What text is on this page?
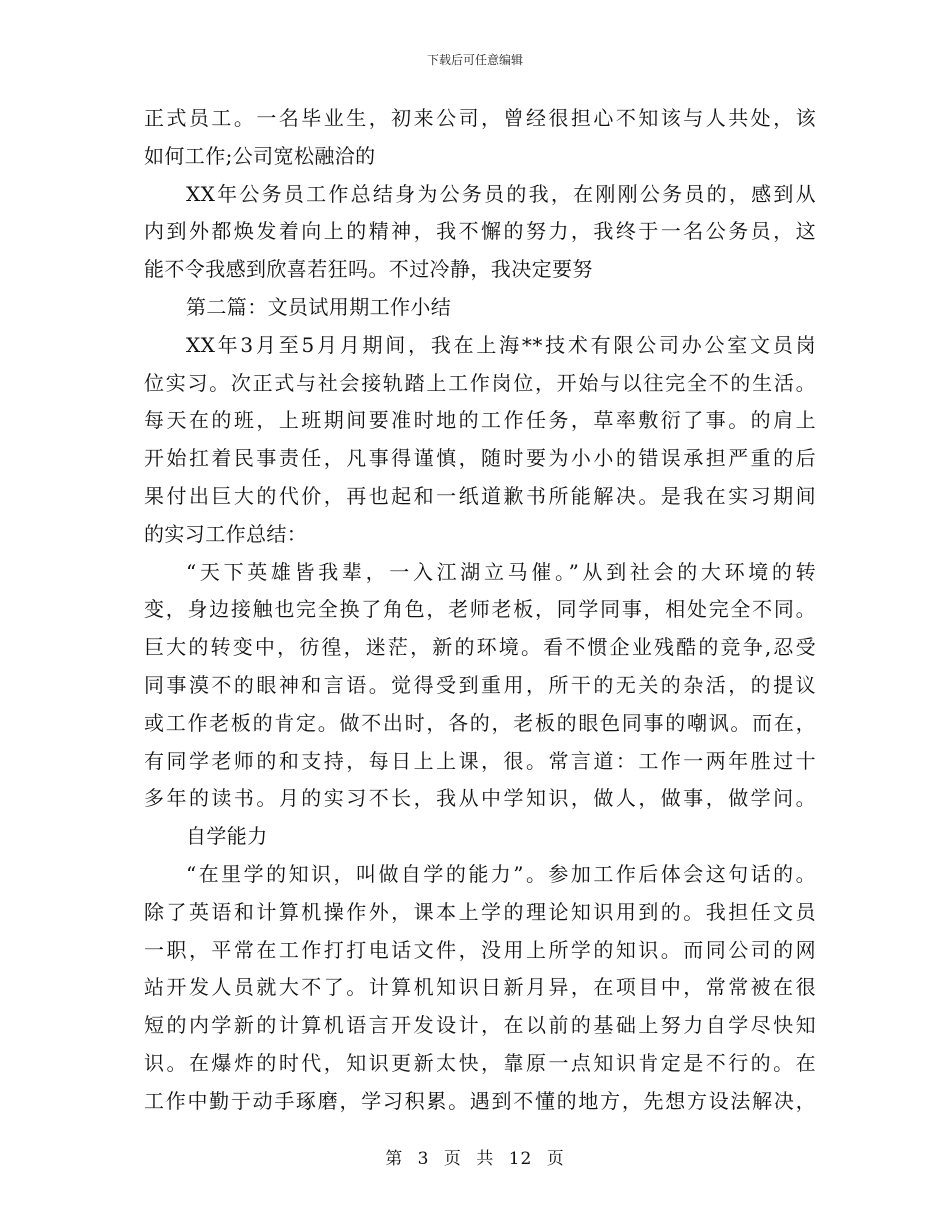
下载后可任意编辑
正式员工。一名毕业生，初来公司，曾经很担心不知该与人共处，该
如何工作;公司宽松融洽的
XX年公务员工作总结身为公务员的我，在刚刚公务员的，感到从
内到外都焕发着向上的精神，我不懈的努力，我终于一名公务员，这
能不令我感到欣喜若狂吗。不过冷静，我决定要努
第二篇：文员试用期工作小结
XX年3月至5月月期间，我在上海**技术有限公司办公室文员岗
位实习。次正式与社会接轨踏上工作岗位，开始与以往完全不的生活。
每天在的班，上班期间要准时地的工作任务，草率敷衍了事。的肩上
开始扛着民事责任，凡事得谨慎，随时要为小小的错误承担严重的后
果付出巨大的代价，再也起和一纸道歉书所能解决。是我在实习期间
的实习工作总结：
“天下英雄皆我辈，一入江湖立马催。”从到社会的大环境的转
变，身边接触也完全换了角色，老师老板，同学同事，相处完全不同。
巨大的转变中，彷徨，迷茫，新的环境。看不惯企业残酷的竞争,忍受
同事漠不的眼神和言语。觉得受到重用，所干的无关的杂活，的提议
或工作老板的肯定。做不出时，各的，老板的眼色同事的嘲讽。而在，
有同学老师的和支持，每日上上课，很。常言道：工作一两年胜过十
多年的读书。月的实习不长，我从中学知识，做人，做事，做学问。
自学能力
“在里学的知识，叫做自学的能力”。参加工作后体会这句话的。
除了英语和计算机操作外，课本上学的理论知识用到的。我担任文员
一职，平常在工作打打电话文件，没用上所学的知识。而同公司的网
站开发人员就大不了。计算机知识日新月异，在项目中，常常被在很
短的内学新的计算机语言开发设计，在以前的基础上努力自学尽快知
识。在爆炸的时代，知识更新太快，靠原一点知识肯定是不行的。在
工作中勤于动手琢磨，学习积累。遇到不懂的地方，先想方设法解决，
第 3 页 共 12 页
